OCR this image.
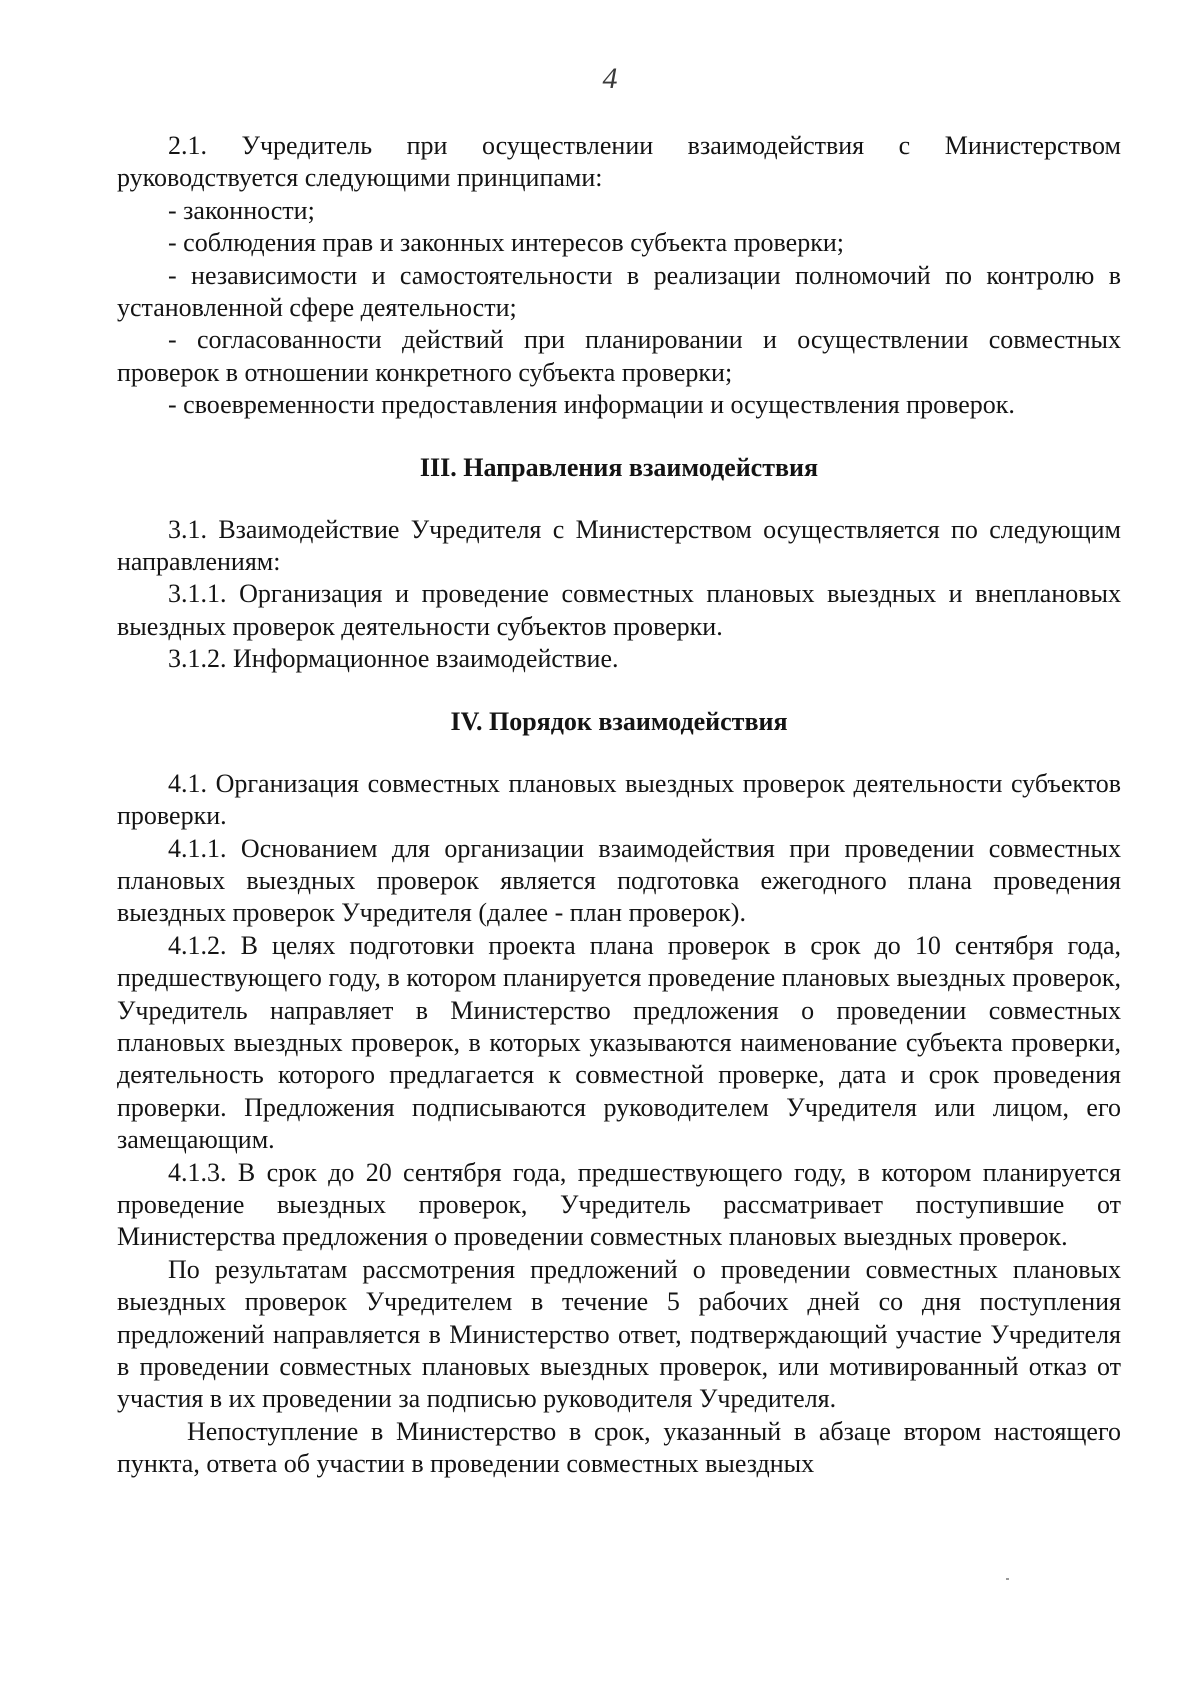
4

2.1. Учредитель при осуществлении взаимодействия с Министерством руководствуется следующими принципами:

- законности;

- соблюдения прав и законных интересов субъекта проверки;

- независимости и самостоятельности в реализации полномочий по контролю в установленной сфере деятельности;

- согласованности действий при планировании и осуществлении совместных проверок в отношении конкретного субъекта проверки;

- своевременности предоставления информации и осуществления проверок.

III. Направления взаимодействия

3.1. Взаимодействие Учредителя с Министерством осуществляется по следующим направлениям:

3.1.1. Организация и проведение совместных плановых выездных и внеплановых выездных проверок деятельности субъектов проверки.

3.1.2. Информационное взаимодействие.

IV. Порядок взаимодействия

4.1. Организация совместных плановых выездных проверок деятельности субъектов проверки.

4.1.1. Основанием для организации взаимодействия при проведении совместных плановых выездных проверок является подготовка ежегодного плана проведения выездных проверок Учредителя (далее - план проверок).

4.1.2. В целях подготовки проекта плана проверок в срок до 10 сентября года, предшествующего году, в котором планируется проведение плановых выездных проверок, Учредитель направляет в Министерство предложения о проведении совместных плановых выездных проверок, в которых указываются наименование субъекта проверки, деятельность которого предлагается к совместной проверке, дата и срок проведения проверки. Предложения подписываются руководителем Учредителя или лицом, его замещающим.

4.1.3. В срок до 20 сентября года, предшествующего году, в котором планируется проведение выездных проверок, Учредитель рассматривает поступившие от Министерства предложения о проведении совместных плановых выездных проверок.

По результатам рассмотрения предложений о проведении совместных плановых выездных проверок Учредителем в течение 5 рабочих дней со дня поступления предложений направляется в Министерство ответ, подтверждающий участие Учредителя в проведении совместных плановых выездных проверок, или мотивированный отказ от участия в их проведении за подписью руководителя Учредителя.

Непоступление в Министерство в срок, указанный в абзаце втором настоящего пункта, ответа об участии в проведении совместных выездных
